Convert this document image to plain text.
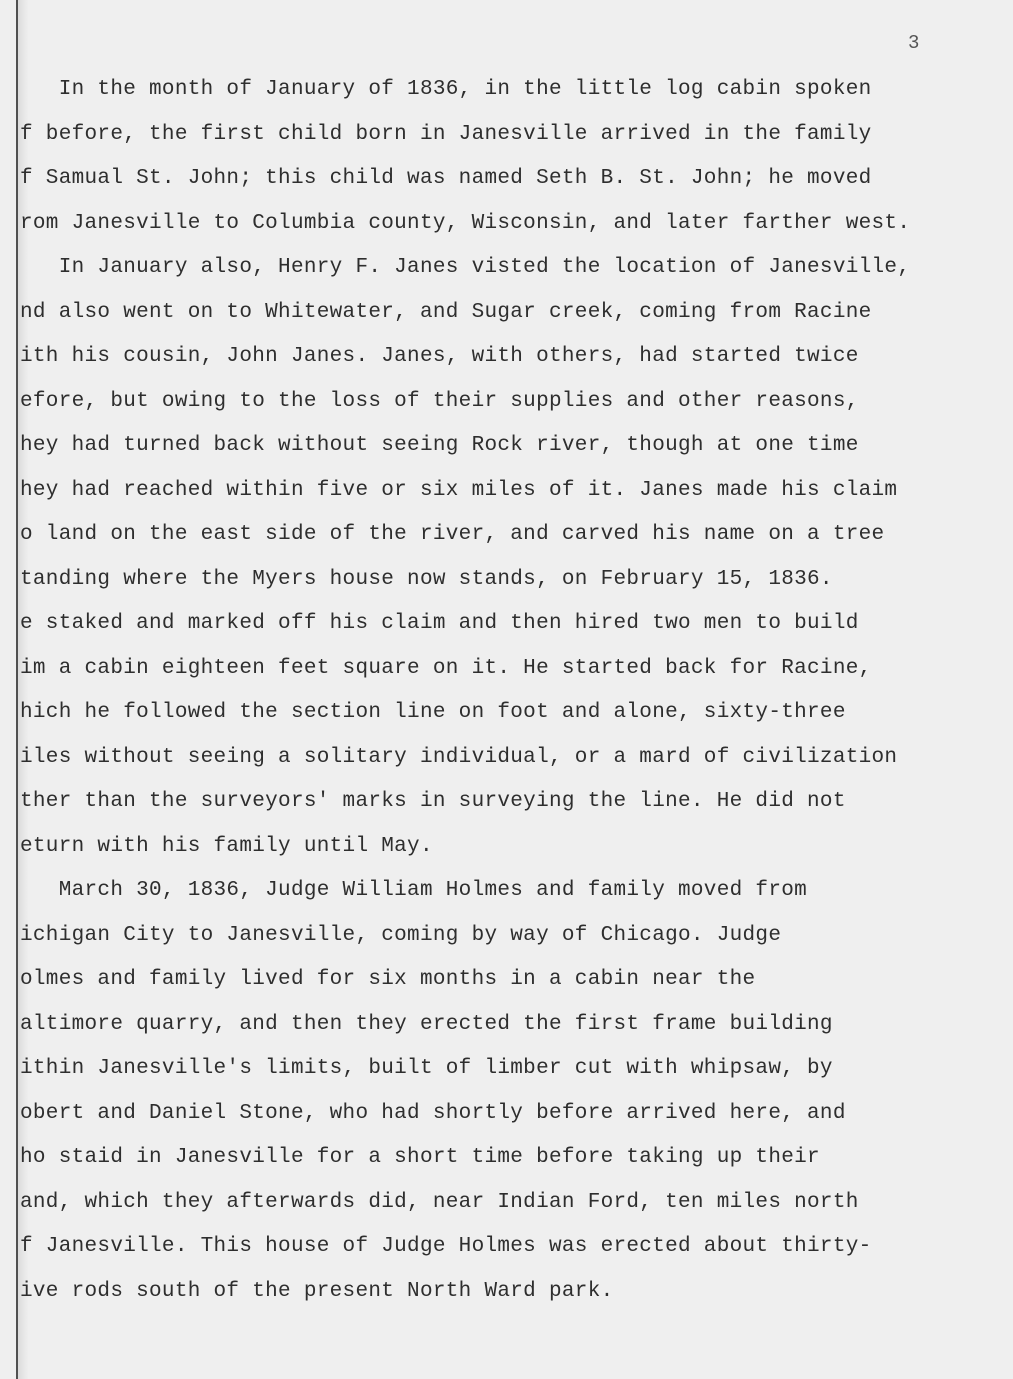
3
In the month of January of 1836, in the little log cabin spoken
f before, the first child born in Janesville arrived in the family
f Samual St. John; this child was named Seth B. St. John; he moved
rom Janesville to Columbia county, Wisconsin, and later farther west.
In January also, Henry F. Janes visted the location of Janesville,
nd also went on to Whitewater, and Sugar creek, coming from Racine
ith his cousin, John Janes. Janes, with others, had started twice
efore, but owing to the loss of their supplies and other reasons,
hey had turned back without seeing Rock river, though at one time
hey had reached within five or six miles of it. Janes made his claim
o land on the east side of the river, and carved his name on a tree
tanding where the Myers house now stands, on February 15, 1836.
e staked and marked off his claim and then hired two men to build
im a cabin eighteen feet square on it. He started back for Racine,
hich he followed the section line on foot and alone, sixty-three
iles without seeing a solitary individual, or a mard of civilization
ther than the surveyors' marks in surveying the line. He did not
eturn with his family until May.
March 30, 1836, Judge William Holmes and family moved from
ichigan City to Janesville, coming by way of Chicago. Judge
olmes and family lived for six months in a cabin near the
altimore quarry, and then they erected the first frame building
ithin Janesville's limits, built of limber cut with whipsaw, by
obert and Daniel Stone, who had shortly before arrived here, and
ho staid in Janesville for a short time before taking up their
and, which they afterwards did, near Indian Ford, ten miles north
f Janesville. This house of Judge Holmes was erected about thirty-
ive rods south of the present North Ward park.
